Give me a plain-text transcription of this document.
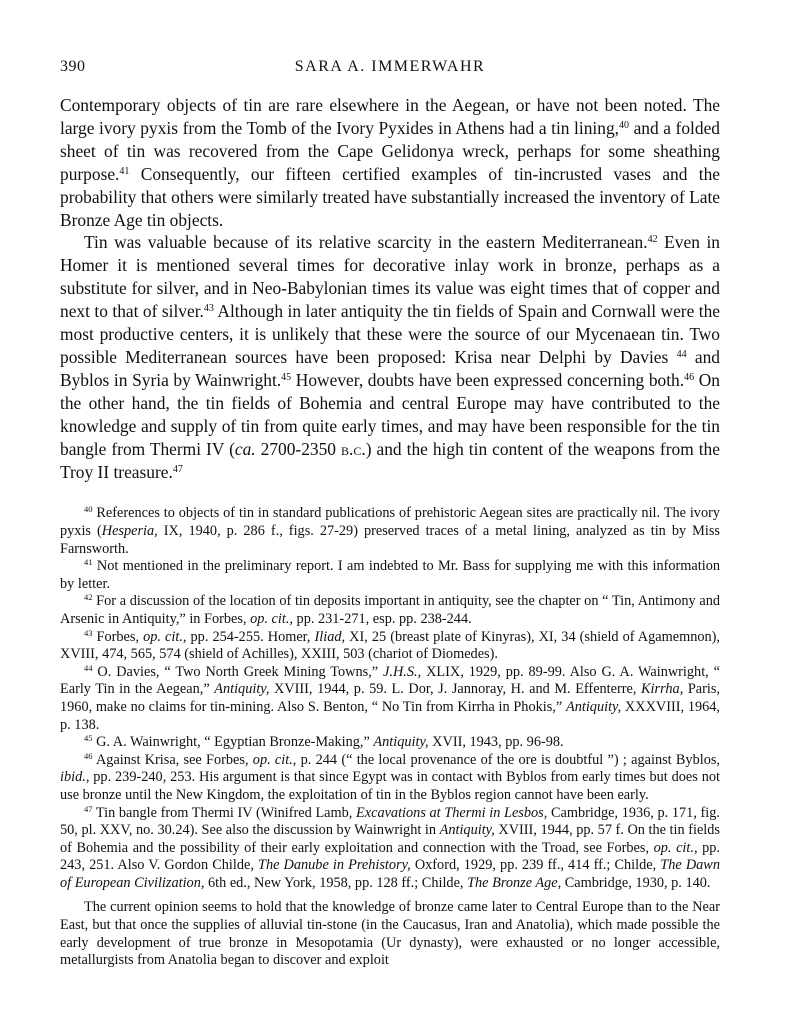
390	SARA A. IMMERWAHR

Contemporary objects of tin are rare elsewhere in the Aegean, or have not been noted. The large ivory pyxis from the Tomb of the Ivory Pyxides in Athens had a tin lining,$^{40}$ and a folded sheet of tin was recovered from the Cape Gelidonya wreck, perhaps for some sheathing purpose.$^{41}$ Consequently, our fifteen certified examples of tin-incrusted vases and the probability that others were similarly treated have substantially increased the inventory of Late Bronze Age tin objects.

Tin was valuable because of its relative scarcity in the eastern Mediterranean.$^{42}$ Even in Homer it is mentioned several times for decorative inlay work in bronze, perhaps as a substitute for silver, and in Neo-Babylonian times its value was eight times that of copper and next to that of silver.$^{43}$ Although in later antiquity the tin fields of Spain and Cornwall were the most productive centers, it is unlikely that these were the source of our Mycenaean tin. Two possible Mediterranean sources have been proposed: Krisa near Delphi by Davies $^{44}$ and Byblos in Syria by Wainwright.$^{45}$ However, doubts have been expressed concerning both.$^{46}$ On the other hand, the tin fields of Bohemia and central Europe may have contributed to the knowledge and supply of tin from quite early times, and may have been responsible for the tin bangle from Thermi IV (ca. 2700-2350 b.c.) and the high tin content of the weapons from the Troy II treasure.$^{47}$

$^{40}$ References to objects of tin in standard publications of prehistoric Aegean sites are practically nil. The ivory pyxis (Hesperia, IX, 1940, p. 286 f., figs. 27-29) preserved traces of a metal lining, analyzed as tin by Miss Farnsworth.

$^{41}$ Not mentioned in the preliminary report. I am indebted to Mr. Bass for supplying me with this information by letter.

$^{42}$ For a discussion of the location of tin deposits important in antiquity, see the chapter on “ Tin, Antimony and Arsenic in Antiquity,” in Forbes, op. cit., pp. 231-271, esp. pp. 238-244.

$^{43}$ Forbes, op. cit., pp. 254-255. Homer, Iliad, XI, 25 (breast plate of Kinyras), XI, 34 (shield of Agamemnon), XVIII, 474, 565, 574 (shield of Achilles), XXIII, 503 (chariot of Diomedes).

$^{44}$ O. Davies, “ Two North Greek Mining Towns,” J.H.S., XLIX, 1929, pp. 89-99. Also G. A. Wainwright, “ Early Tin in the Aegean,” Antiquity, XVIII, 1944, p. 59. L. Dor, J. Jannoray, H. and M. Effenterre, Kirrha, Paris, 1960, make no claims for tin-mining. Also S. Benton, “ No Tin from Kirrha in Phokis,” Antiquity, XXXVIII, 1964, p. 138.

$^{45}$ G. A. Wainwright, “ Egyptian Bronze-Making,” Antiquity, XVII, 1943, pp. 96-98.

$^{46}$ Against Krisa, see Forbes, op. cit., p. 244 (“ the local provenance of the ore is doubtful ”) ; against Byblos, ibid., pp. 239-240, 253. His argument is that since Egypt was in contact with Byblos from early times but does not use bronze until the New Kingdom, the exploitation of tin in the Byblos region cannot have been early.

$^{47}$ Tin bangle from Thermi IV (Winifred Lamb, Excavations at Thermi in Lesbos, Cambridge, 1936, p. 171, fig. 50, pl. XXV, no. 30.24). See also the discussion by Wainwright in Antiquity, XVIII, 1944, pp. 57 f. On the tin fields of Bohemia and the possibility of their early exploitation and connection with the Troad, see Forbes, op. cit., pp. 243, 251. Also V. Gordon Childe, The Danube in Prehistory, Oxford, 1929, pp. 239 ff., 414 ff.; Childe, The Dawn of European Civilization, 6th ed., New York, 1958, pp. 128 ff.; Childe, The Bronze Age, Cambridge, 1930, p. 140.

The current opinion seems to hold that the knowledge of bronze came later to Central Europe than to the Near East, but that once the supplies of alluvial tin-stone (in the Caucasus, Iran and Anatolia), which made possible the early development of true bronze in Mesopotamia (Ur dynasty), were exhausted or no longer accessible, metallurgists from Anatolia began to discover and exploit
